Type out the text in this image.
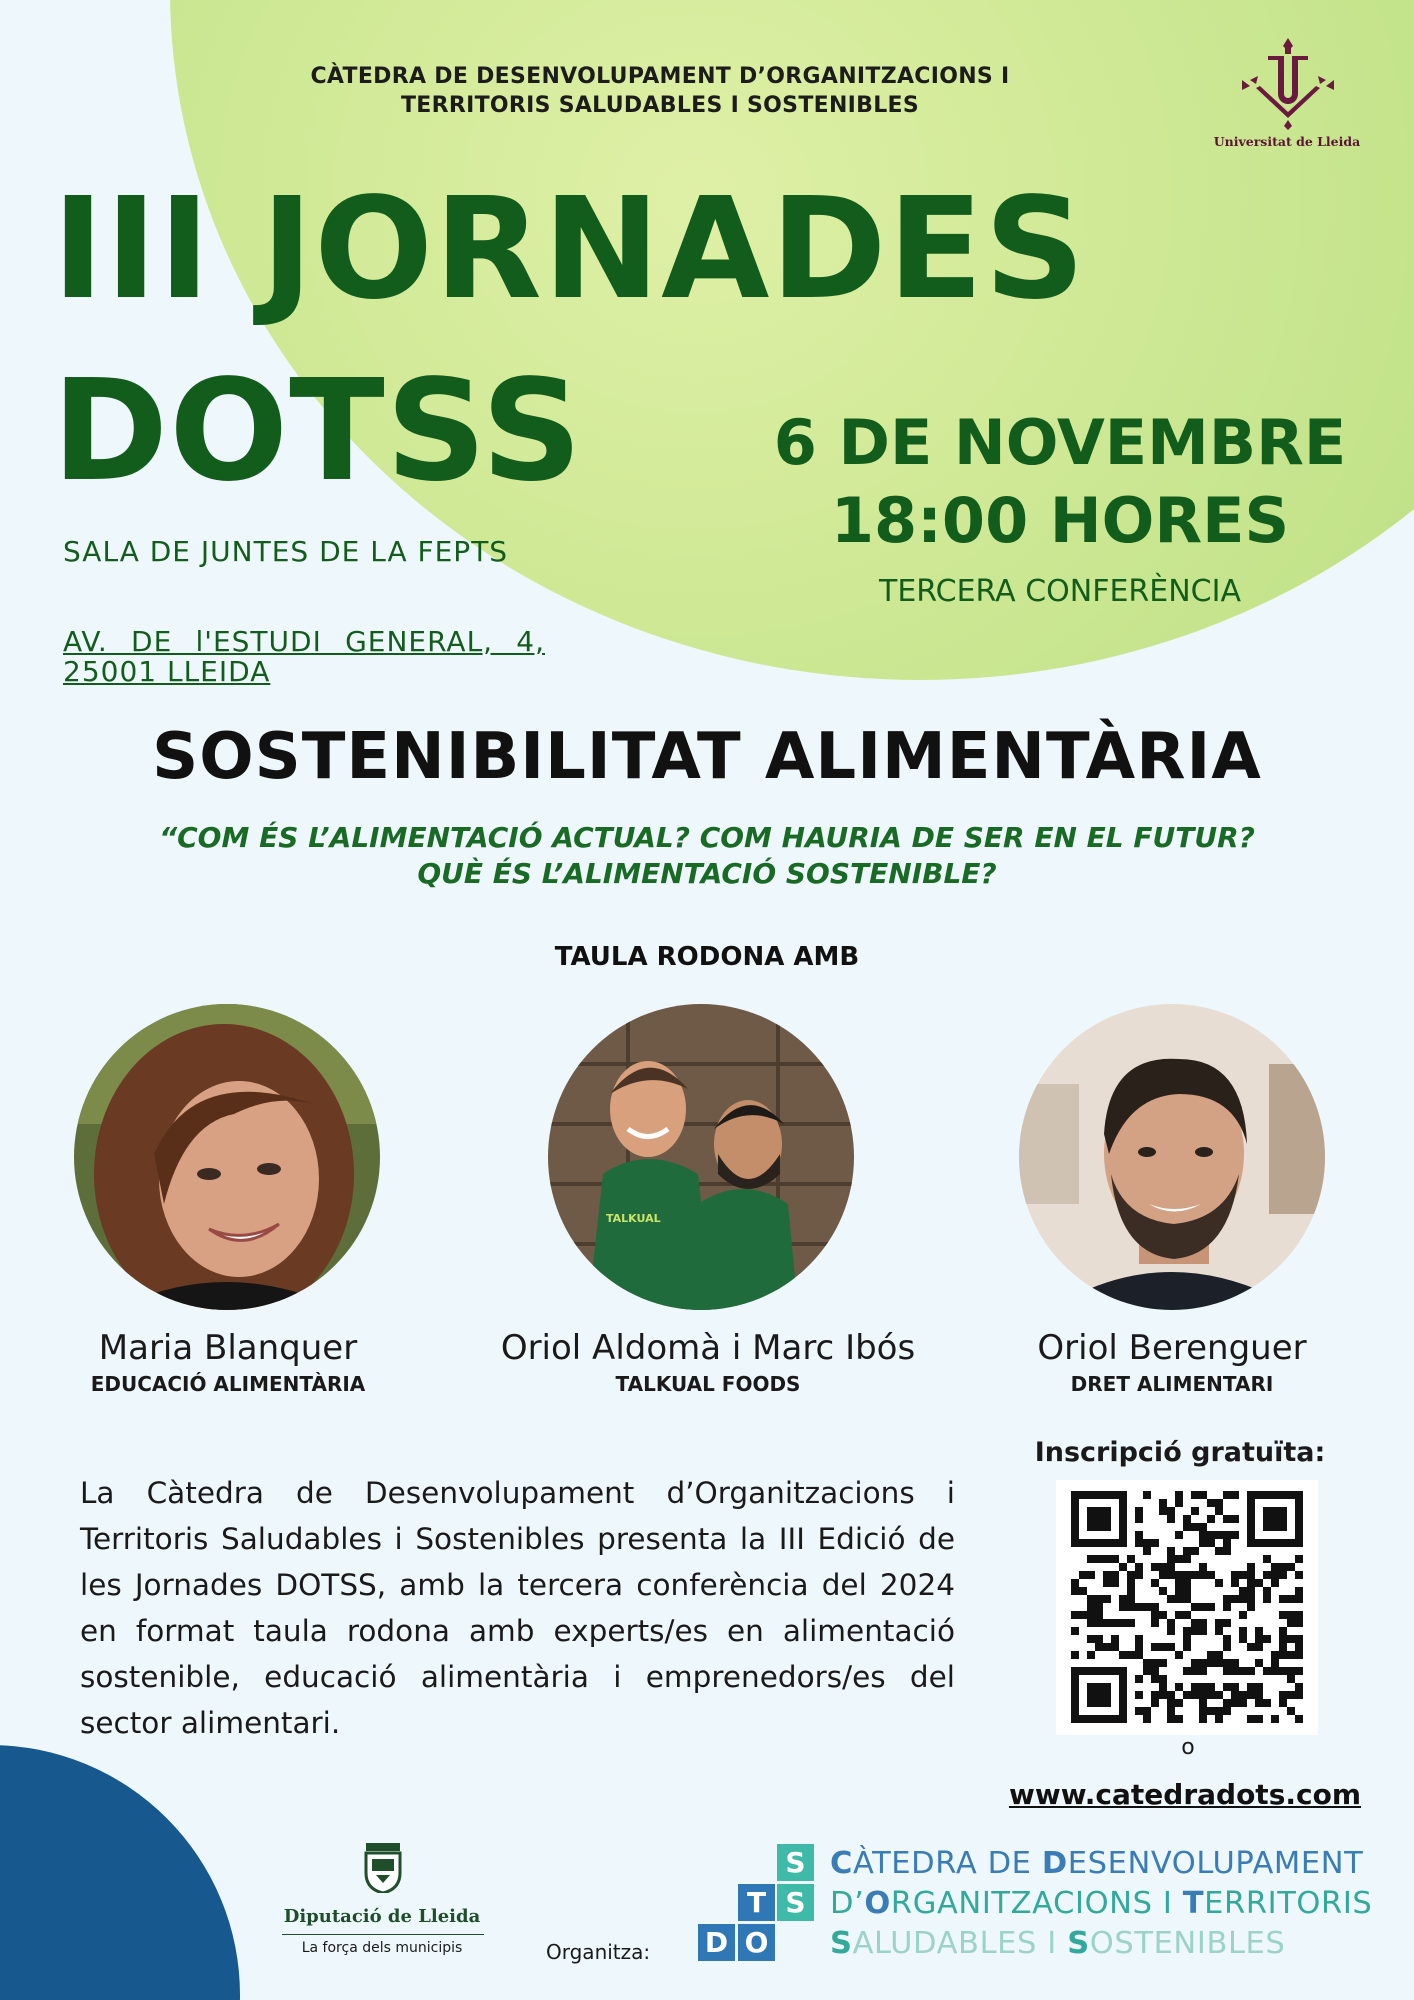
CÀTEDRA DE DESENVOLUPAMENT D’ORGANITZACIONS I
TERRITORIS SALUDABLES I SOSTENIBLES
Universitat de Lleida
III JORNADES
DOTSS	6 DE NOVEMBRE
18:00 HORES
TERCERA CONFERÈNCIA
SALA DE JUNTES DE LA FEPTS
AV. DE l'ESTUDI GENERAL, 4, 25001 LLEIDA
SOSTENIBILITAT ALIMENTÀRIA
“COM ÉS L’ALIMENTACIÓ ACTUAL? COM HAURIA DE SER EN EL FUTUR?
QUÈ ÉS L’ALIMENTACIÓ SOSTENIBLE?
TAULA RODONA AMB
Maria Blanquer
EDUCACIÓ ALIMENTÀRIA
TALKUAL
Oriol Aldomà i Marc Ibós
TALKUAL FOODS
Oriol Berenguer
DRET ALIMENTARI
La Càtedra de Desenvolupament d’Organitzacions i Territoris Saludables i Sostenibles presenta la III Edició de les Jornades DOTSS, amb la tercera conferència del 2024 en format taula rodona amb experts/es en alimentació sostenible, educació alimentària i emprenedors/es del sector alimentari.
Inscripció gratuïta:
o
www.catedradots.com
Diputació de Lleida
La força dels municipis	Organitza:
S
T S
D O
CÀTEDRA DE DESENVOLUPAMENT
D’ORGANITZACIONS I TERRITORIS
SALUDABLES I SOSTENIBLES
